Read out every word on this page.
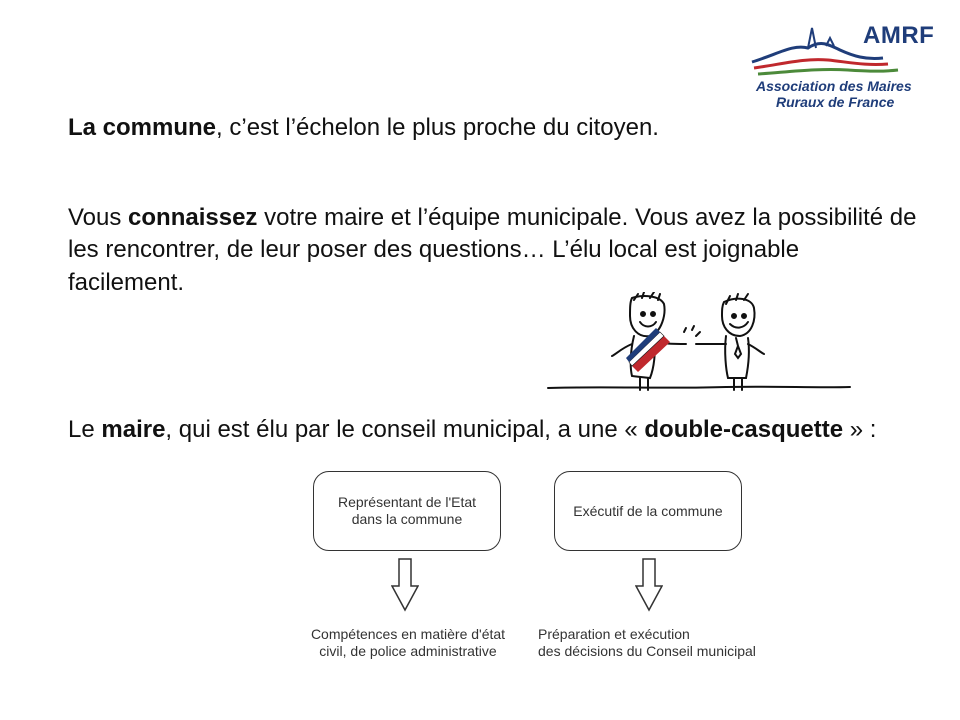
AMRF
Association des Maires
Ruraux de France
La commune, c’est l’échelon le plus proche du citoyen.
Vous connaissez votre maire et l’équipe municipale. Vous avez la possibilité de les rencontrer, de leur poser des questions… L’élu local est joignable facilement.
Le maire, qui est élu par le conseil municipal, a une « double-casquette » :
Représentant de l'Etat dans la commune
Exécutif de la commune
Compétences en matière d'état civil, de police administrative
Préparation et exécution
des décisions du Conseil municipal
